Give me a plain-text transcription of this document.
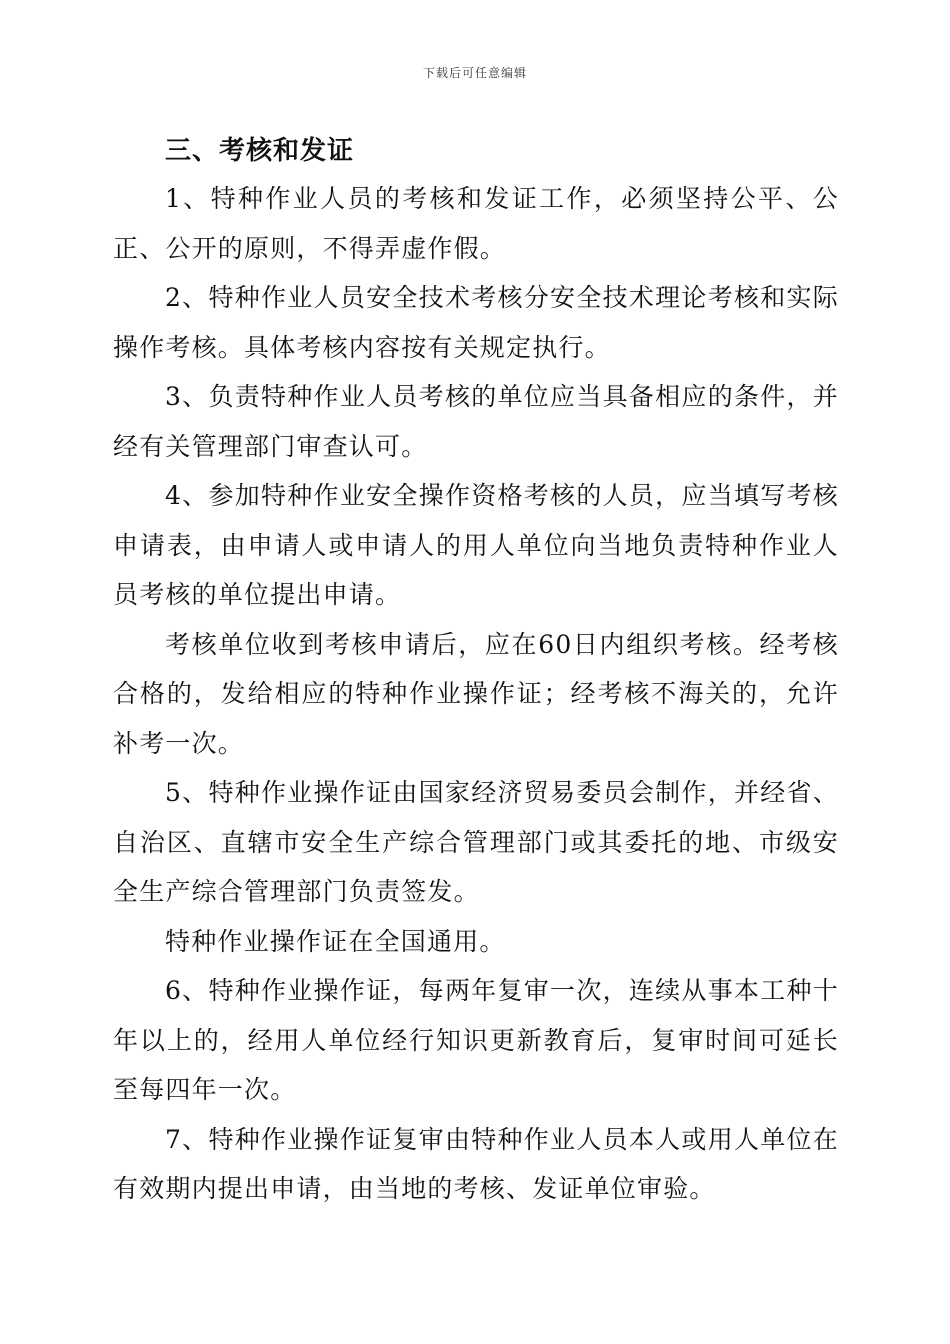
下载后可任意编辑
三、考核和发证

1、特种作业人员的考核和发证工作，必须坚持公平、公正、公开的原则，不得弄虚作假。

2、特种作业人员安全技术考核分安全技术理论考核和实际操作考核。具体考核内容按有关规定执行。

3、负责特种作业人员考核的单位应当具备相应的条件，并经有关管理部门审查认可。

4、参加特种作业安全操作资格考核的人员，应当填写考核申请表，由申请人或申请人的用人单位向当地负责特种作业人员考核的单位提出申请。

考核单位收到考核申请后，应在60日内组织考核。经考核合格的，发给相应的特种作业操作证；经考核不海关的，允许补考一次。

5、特种作业操作证由国家经济贸易委员会制作，并经省、自治区、直辖市安全生产综合管理部门或其委托的地、市级安全生产综合管理部门负责签发。

特种作业操作证在全国通用。

6、特种作业操作证，每两年复审一次，连续从事本工种十年以上的，经用人单位经行知识更新教育后，复审时间可延长至每四年一次。

7、特种作业操作证复审由特种作业人员本人或用人单位在有效期内提出申请，由当地的考核、发证单位审验。
